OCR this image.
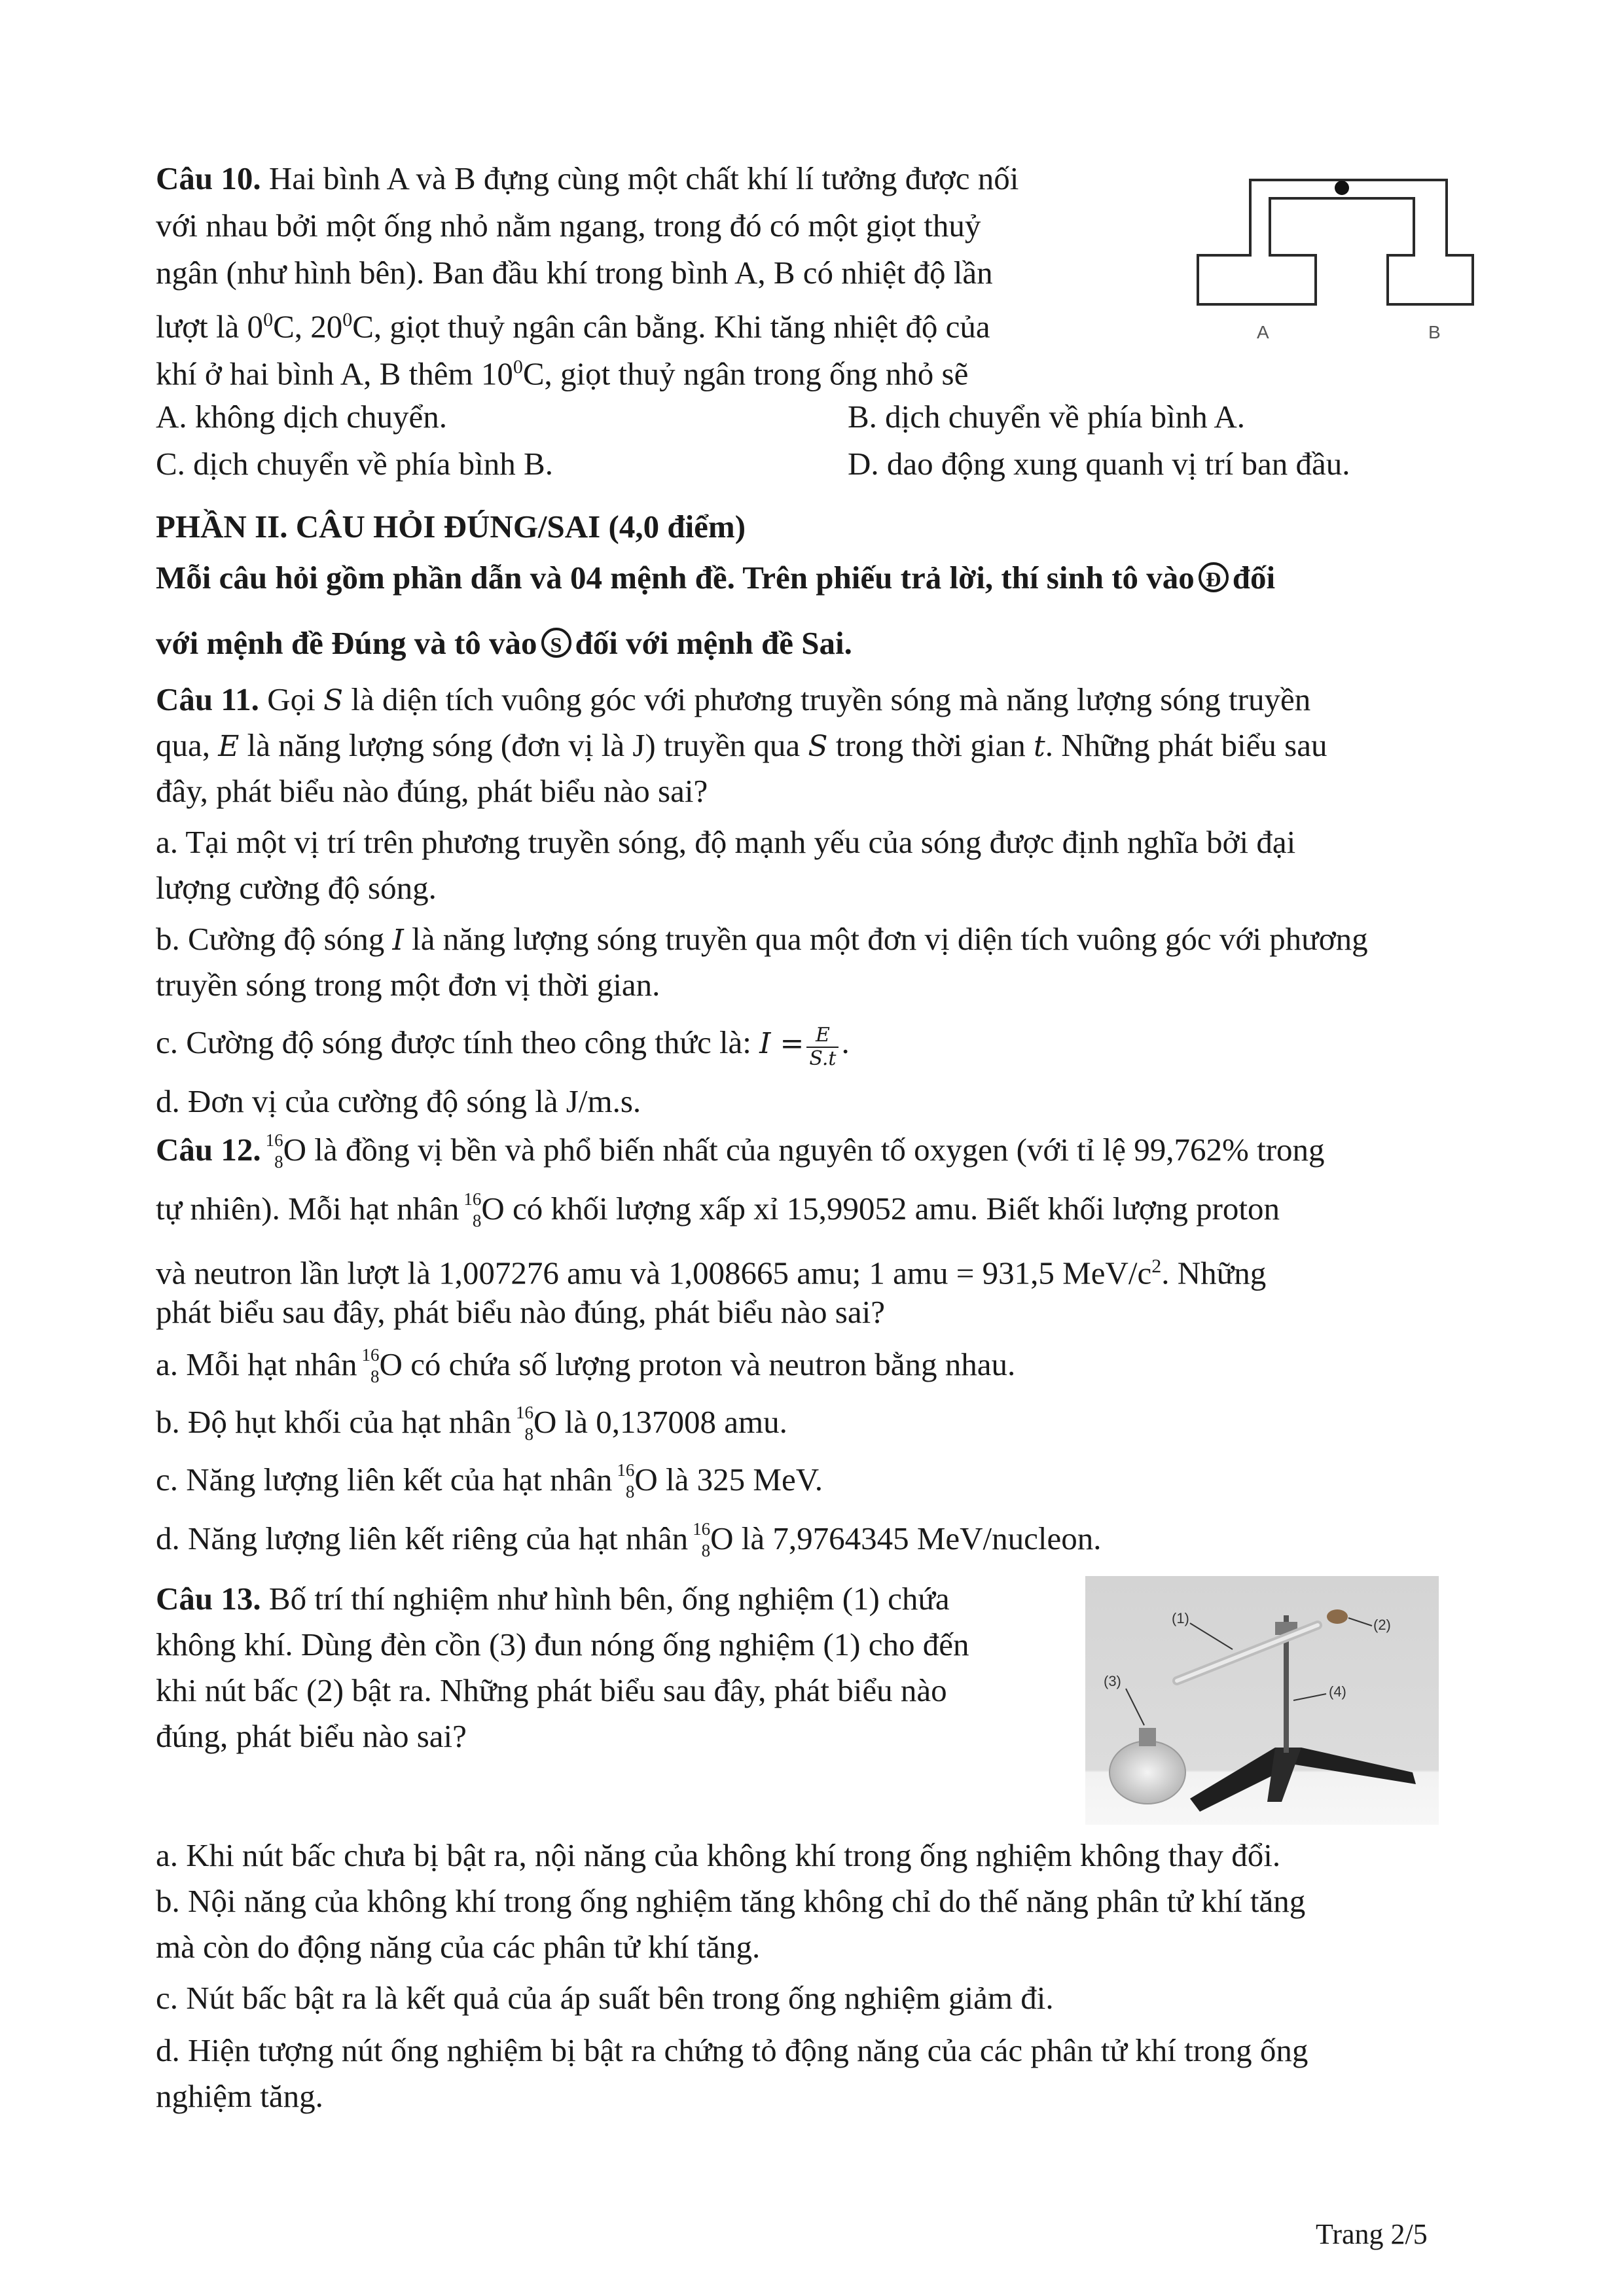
Câu 10. Hai bình A và B đựng cùng một chất khí lí tưởng được nối
với nhau bởi một ống nhỏ nằm ngang, trong đó có một giọt thuỷ
ngân (như hình bên). Ban đầu khí trong bình A, B có nhiệt độ lần
lượt là $0^0C$, $20^0C$, giọt thuỷ ngân cân bằng. Khi tăng nhiệt độ của
khí ở hai bình A, B thêm $10^0C$, giọt thuỷ ngân trong ống nhỏ sẽ
A. không dịch chuyển.	B. dịch chuyển về phía bình A.
C. dịch chuyển về phía bình B.	D. dao động xung quanh vị trí ban đầu.
A	B
PHẦN II. CÂU HỎI ĐÚNG/SAI (4,0 điểm)
Mỗi câu hỏi gồm phần dẫn và 04 mệnh đề. Trên phiếu trả lời, thí sinh tô vào Đ đối
với mệnh đề Đúng và tô vào S đối với mệnh đề Sai.
Câu 11. Gọi S là diện tích vuông góc với phương truyền sóng mà năng lượng sóng truyền
qua, E là năng lượng sóng (đơn vị là J) truyền qua S trong thời gian t. Những phát biểu sau
đây, phát biểu nào đúng, phát biểu nào sai?
a. Tại một vị trí trên phương truyền sóng, độ mạnh yếu của sóng được định nghĩa bởi đại
lượng cường độ sóng.
b. Cường độ sóng I là năng lượng sóng truyền qua một đơn vị diện tích vuông góc với phương
truyền sóng trong một đơn vị thời gian.
c. Cường độ sóng được tính theo công thức là: $I = \frac{E}{S.t}$ .
d. Đơn vị của cường độ sóng là J/m.s.
Câu 12. 16
8 O là đồng vị bền và phổ biến nhất của nguyên tố oxygen (với tỉ lệ 99,762% trong
tự nhiên). Mỗi hạt nhân 16
8 O có khối lượng xấp xỉ 15,99052 amu. Biết khối lượng proton
và neutron lần lượt là 1,007276 amu và 1,008665 amu; 1 amu = 931,5 MeV/$c^2$. Những
phát biểu sau đây, phát biểu nào đúng, phát biểu nào sai?
a. Mỗi hạt nhân 16
8 O có chứa số lượng proton và neutron bằng nhau.
b. Độ hụt khối của hạt nhân 16
8 O là 0,137008 amu.
c. Năng lượng liên kết của hạt nhân 16
8 O là 325 MeV.
d. Năng lượng liên kết riêng của hạt nhân 16
8 O là 7,9764345 MeV/nucleon.
Câu 13. Bố trí thí nghiệm như hình bên, ống nghiệm (1) chứa
không khí. Dùng đèn cồn (3) đun nóng ống nghiệm (1) cho đến
khi nút bấc (2) bật ra. Những phát biểu sau đây, phát biểu nào
đúng, phát biểu nào sai?
(1)	(2)
(3)
(4)
a. Khi nút bấc chưa bị bật ra, nội năng của không khí trong ống nghiệm không thay đổi.
b. Nội năng của không khí trong ống nghiệm tăng không chỉ do thế năng phân tử khí tăng
mà còn do động năng của các phân tử khí tăng.
c. Nút bấc bật ra là kết quả của áp suất bên trong ống nghiệm giảm đi.
d. Hiện tượng nút ống nghiệm bị bật ra chứng tỏ động năng của các phân tử khí trong ống
nghiệm tăng.
Trang 2/5
